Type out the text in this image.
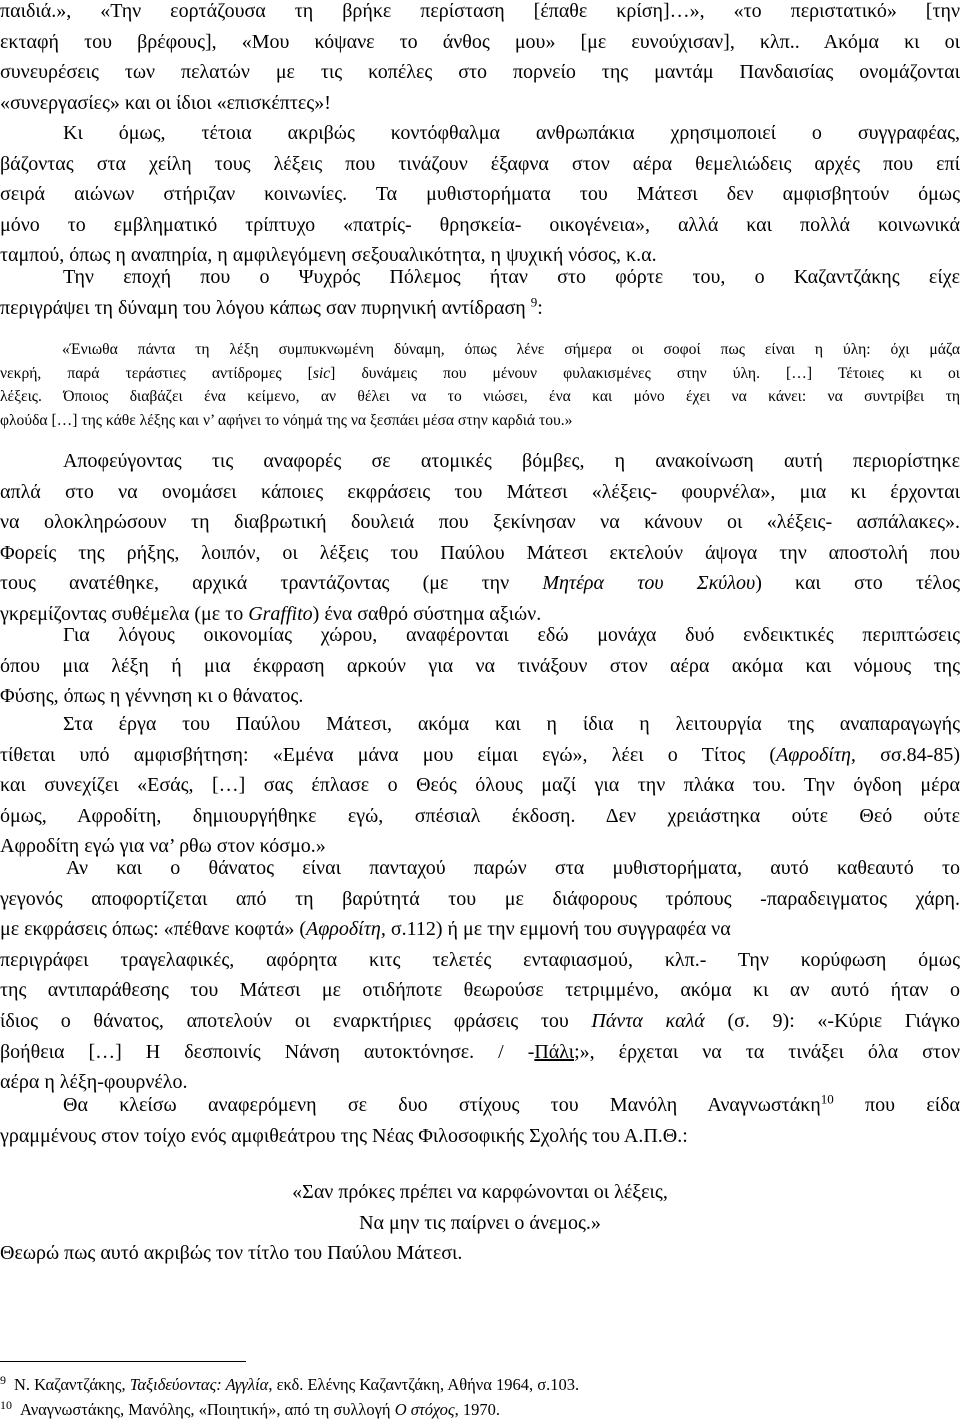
παιδιά.», «Την εορτάζουσα τη βρήκε περίσταση [έπαθε κρίση]…», «το περιστατικό» [την
εκταφή του βρέφους], «Μου κόψανε το άνθος μου» [με ευνούχισαν], κλπ.. Ακόμα κι οι
συνευρέσεις των πελατών με τις κοπέλες στο πορνείο της μαντάμ Πανδαισίας ονομάζονται
«συνεργασίες» και οι ίδιοι «επισκέπτες»!
Κι όμως, τέτοια ακριβώς κοντόφθαλμα ανθρωπάκια χρησιμοποιεί ο συγγραφέας,
βάζοντας στα χείλη τους λέξεις που τινάζουν έξαφνα στον αέρα θεμελιώδεις αρχές που επί
σειρά αιώνων στήριζαν κοινωνίες. Τα μυθιστορήματα του Μάτεσι δεν αμφισβητούν όμως
μόνο το εμβληματικό τρίπτυχο «πατρίς- θρησκεία- οικογένεια», αλλά και πολλά κοινωνικά
ταμπού, όπως η αναπηρία, η αμφιλεγόμενη σεξουαλικότητα, η ψυχική νόσος, κ.α.
Την εποχή που ο Ψυχρός Πόλεμος ήταν στο φόρτε του, ο Καζαντζάκης είχε
περιγράψει τη δύναμη του λόγου κάπως σαν πυρηνική αντίδραση $^9$:
«Ένιωθα πάντα τη λέξη συμπυκνωμένη δύναμη, όπως λένε σήμερα οι σοφοί πως είναι η ύλη: όχι μάζα
νεκρή, παρά τεράστιες αντίδρομες [sic] δυνάμεις που μένουν φυλακισμένες στην ύλη. […] Τέτοιες κι οι
λέξεις. Όποιος διαβάζει ένα κείμενο, αν θέλει να το νιώσει, ένα και μόνο έχει να κάνει: να συντρίβει τη
φλούδα […] της κάθε λέξης και ν’ αφήνει το νόημά της να ξεσπάει μέσα στην καρδιά του.»
Αποφεύγοντας τις αναφορές σε ατομικές βόμβες, η ανακοίνωση αυτή περιορίστηκε
απλά στο να ονομάσει κάποιες εκφράσεις του Μάτεσι «λέξεις- φουρνέλα», μια κι έρχονται
να ολοκληρώσουν τη διαβρωτική δουλειά που ξεκίνησαν να κάνουν οι «λέξεις- ασπάλακες».
Φορείς της ρήξης, λοιπόν, οι λέξεις του Παύλου Μάτεσι εκτελούν άψογα την αποστολή που
τους ανατέθηκε, αρχικά τραντάζοντας (με την Μητέρα του Σκύλου) και στο τέλος
γκρεμίζοντας συθέμελα (με το Graffito) ένα σαθρό σύστημα αξιών.
Για λόγους οικονομίας χώρου, αναφέρονται εδώ μονάχα δυό ενδεικτικές περιπτώσεις
όπου μια λέξη ή μια έκφραση αρκούν για να τινάξουν στον αέρα ακόμα και νόμους της
Φύσης, όπως η γέννηση κι ο θάνατος.
Στα έργα του Παύλου Μάτεσι, ακόμα και η ίδια η λειτουργία της αναπαραγωγής
τίθεται υπό αμφισβήτηση: «Εμένα μάνα μου είμαι εγώ», λέει ο Τίτος (Αφροδίτη, σσ.84-85)
και συνεχίζει «Εσάς, […] σας έπλασε ο Θεός όλους μαζί για την πλάκα του. Την όγδοη μέρα
όμως, Αφροδίτη, δημιουργήθηκε εγώ, σπέσιαλ έκδοση. Δεν χρειάστηκα ούτε Θεό ούτε
Αφροδίτη εγώ για να’ ρθω στον κόσμο.»
Αν και ο θάνατος είναι πανταχού παρών στα μυθιστορήματα, αυτό καθεαυτό το
γεγονός αποφορτίζεται από τη βαρύτητά του με διάφορους τρόπους -παραδειγματος χάρη.
με εκφράσεις όπως: «πέθανε κοφτά» (Αφροδίτη, σ.112) ή με την εμμονή του συγγραφέα να
περιγράφει τραγελαφικές, αφόρητα κιτς τελετές ενταφιασμού, κλπ.- Την κορύφωση όμως
της αντιπαράθεσης του Μάτεσι με οτιδήποτε θεωρούσε τετριμμένο, ακόμα κι αν αυτό ήταν ο
ίδιος ο θάνατος, αποτελούν οι εναρκτήριες φράσεις του Πάντα καλά (σ. 9): «-Κύριε Γιάγκο
βοήθεια […] Η δεσποινίς Νάνση αυτοκτόνησε. / -Πάλι;», έρχεται να τα τινάξει όλα στον
αέρα η λέξη-φουρνέλο.
Θα κλείσω αναφερόμενη σε δυο στίχους του Μανόλη Αναγνωστάκη$^{10}$ που είδα
γραμμένους στον τοίχο ενός αμφιθεάτρου της Νέας Φιλοσοφικής Σχολής του Α.Π.Θ.:
«Σαν πρόκες πρέπει να καρφώνονται οι λέξεις,
Να μην τις παίρνει ο άνεμος.»
Θεωρώ πως αυτό ακριβώς τον τίτλο του Παύλου Μάτεσι.
$^9$ Ν. Καζαντζάκης, Ταξιδεύοντας: Αγγλία, εκδ. Ελένης Καζαντζάκη, Αθήνα 1964, σ.103.
$^{10}$ Αναγνωστάκης, Μανόλης, «Ποιητική», από τη συλλογή Ο στόχος, 1970.
